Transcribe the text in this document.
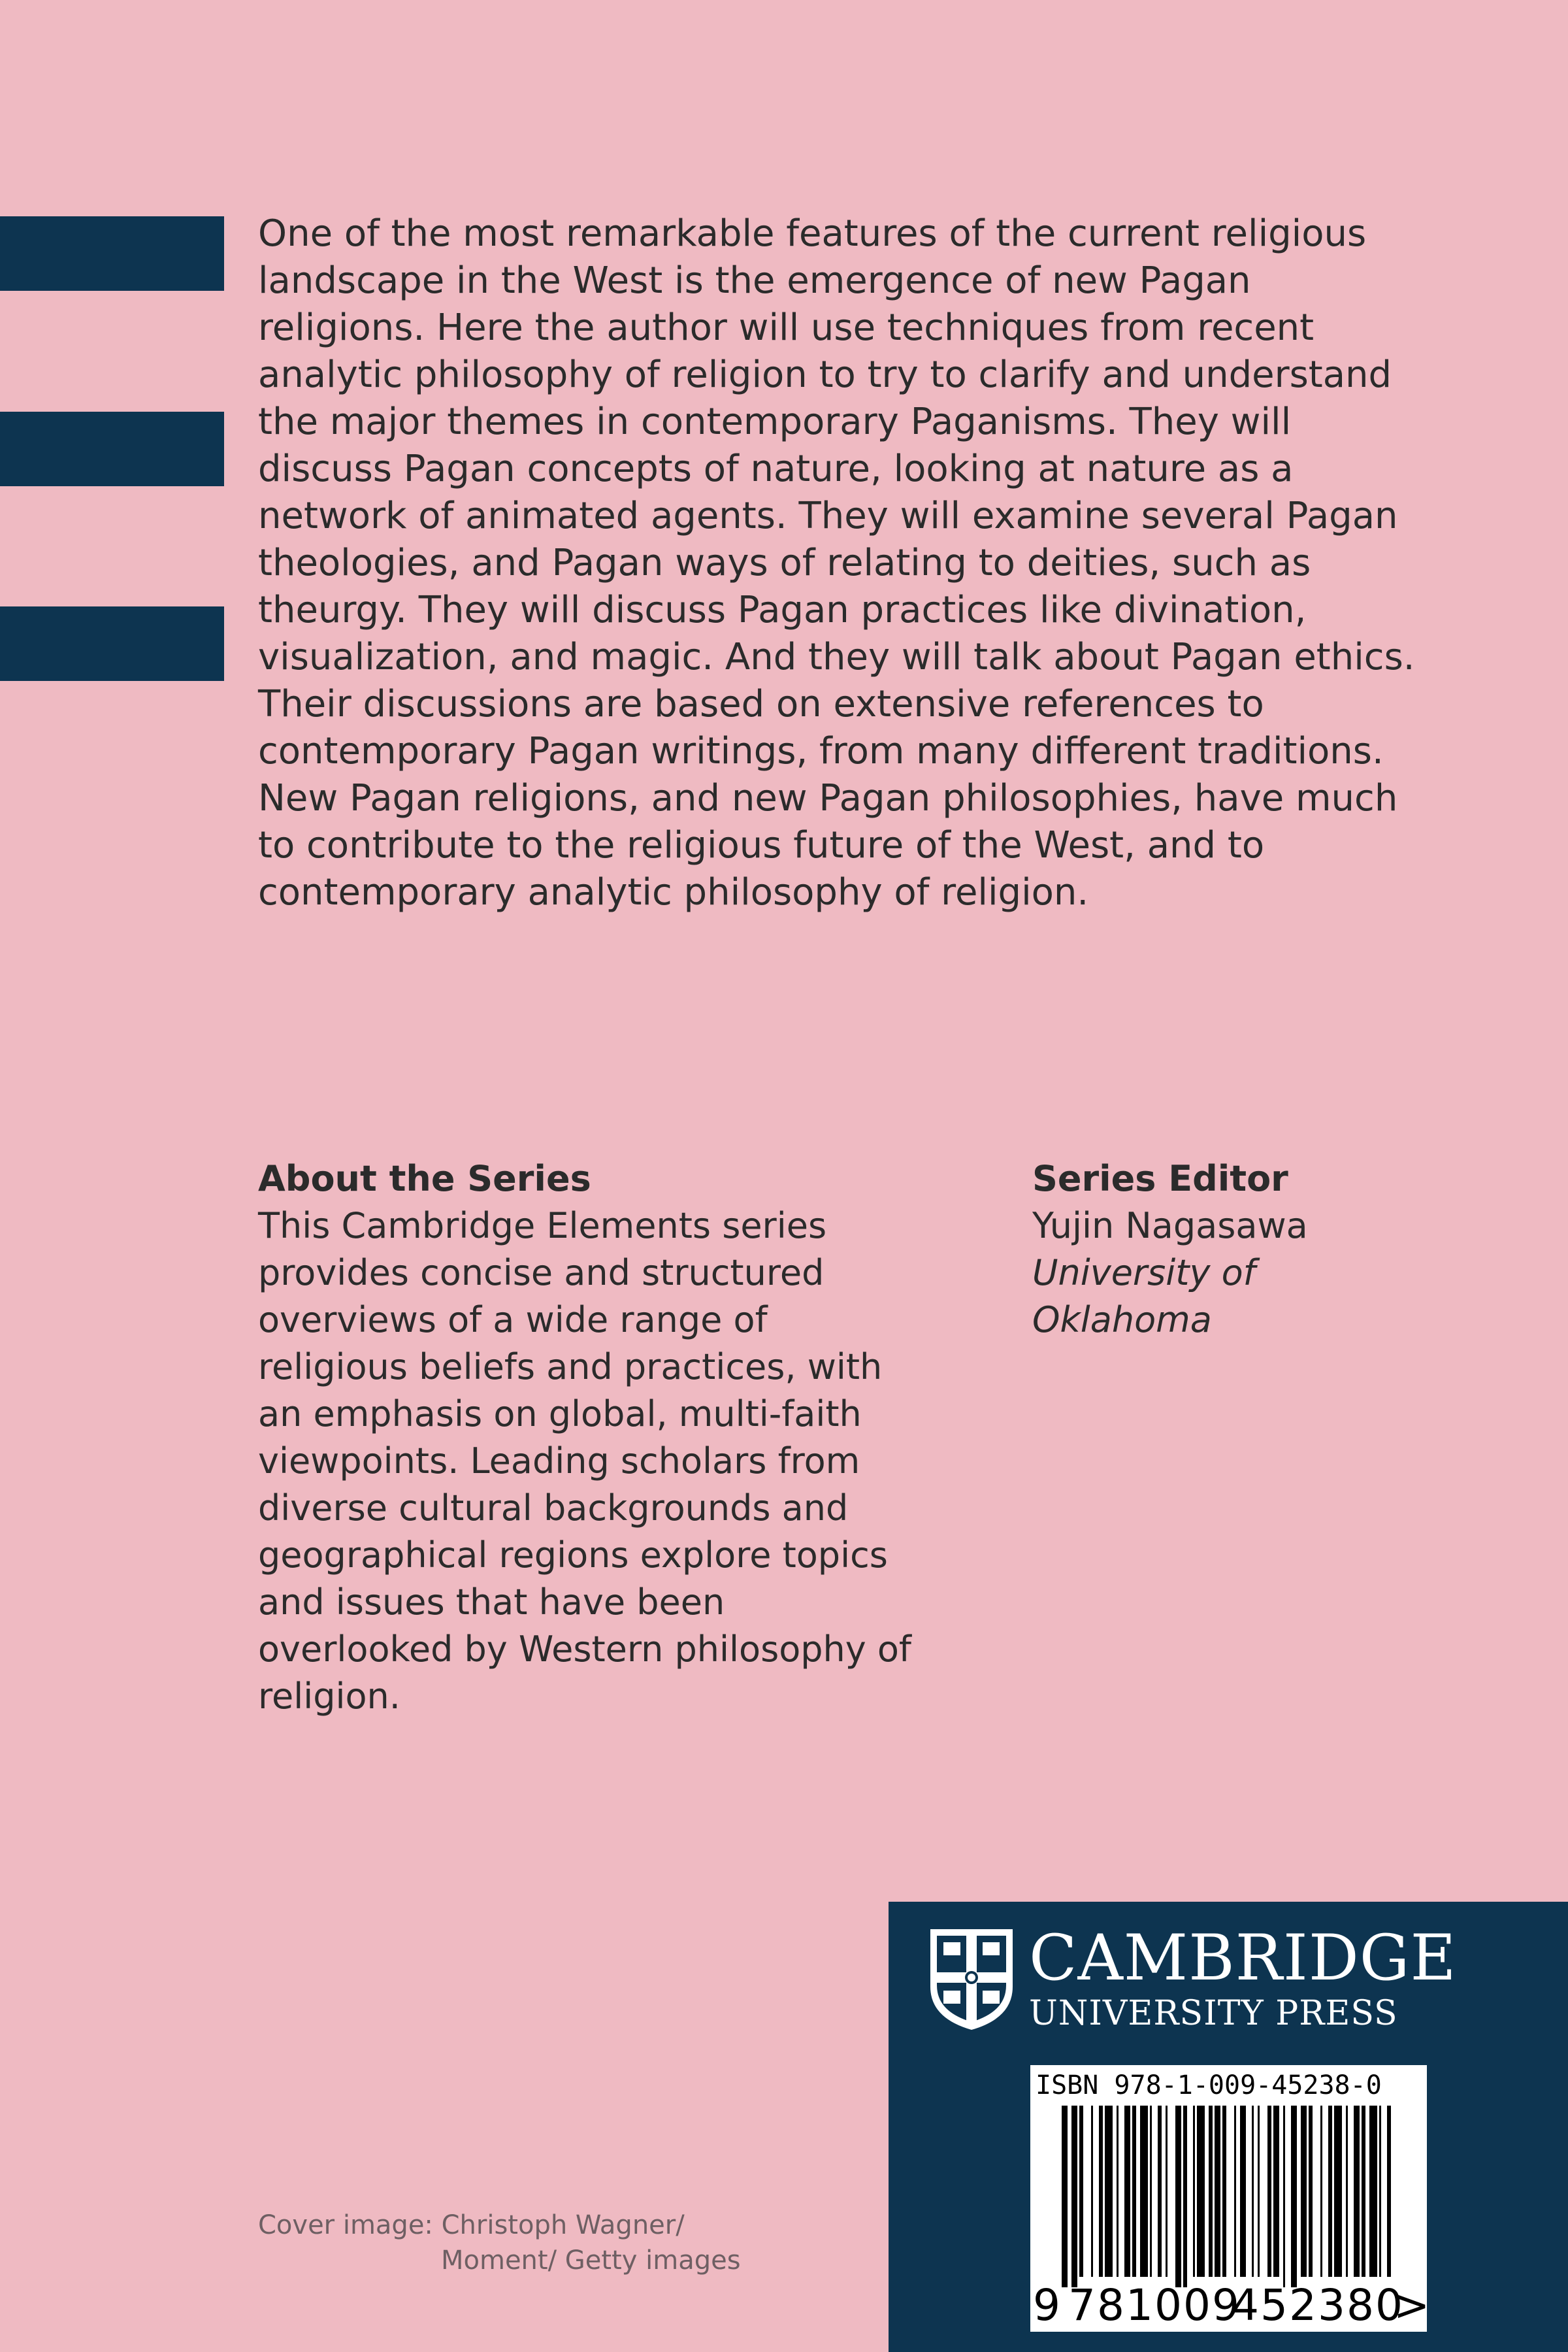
One of the most remarkable features of the current religious landscape in the West is the emergence of new Pagan religions. Here the author will use techniques from recent analytic philosophy of religion to try to clarify and understand the major themes in contemporary Paganisms. They will discuss Pagan concepts of nature, looking at nature as a network of animated agents. They will examine several Pagan theologies, and Pagan ways of relating to deities, such as theurgy. They will discuss Pagan practices like divination, visualization, and magic. And they will talk about Pagan ethics. Their discussions are based on extensive references to contemporary Pagan writings, from many different traditions. New Pagan religions, and new Pagan philosophies, have much to contribute to the religious future of the West, and to contemporary analytic philosophy of religion.

About the Series

This Cambridge Elements series provides concise and structured overviews of a wide range of religious beliefs and practices, with an emphasis on global, multi-faith viewpoints. Leading scholars from diverse cultural backgrounds and geographical regions explore topics and issues that have been overlooked by Western philosophy of religion.

Series Editor

Yujin Nagasawa

University of Oklahoma

Cover image: Christoph Wagner/
Moment/ Getty images
CAMBRIDGE
UNIVERSITY PRESS
ISBN 978-1-009-45238-0
9 781009
452380
>
